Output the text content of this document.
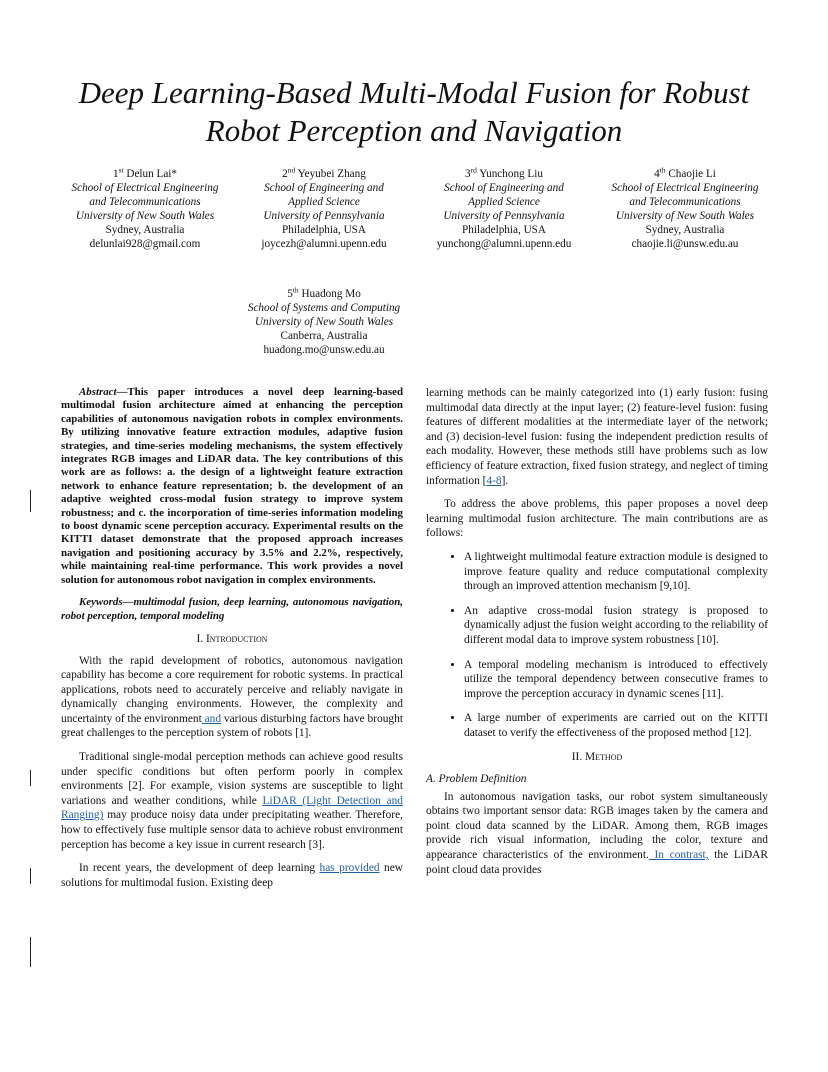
Deep Learning-Based Multi-Modal Fusion for Robust Robot Perception and Navigation
1st Delun Lai*
School of Electrical Engineering
and Telecommunications
University of New South Wales
Sydney, Australia
delunlai928@gmail.com
2nd Yeyubei Zhang
School of Engineering and
Applied Science
University of Pennsylvania
Philadelphia, USA
joycezh@alumni.upenn.edu
3rd Yunchong Liu
School of Engineering and
Applied Science
University of Pennsylvania
Philadelphia, USA
yunchong@alumni.upenn.edu
4th Chaojie Li
School of Electrical Engineering
and Telecommunications
University of New South Wales
Sydney, Australia
chaojie.li@unsw.edu.au
5th Huadong Mo
School of Systems and Computing
University of New South Wales
Canberra, Australia
huadong.mo@unsw.edu.au

Abstract—This paper introduces a novel deep learning-based multimodal fusion architecture aimed at enhancing the perception capabilities of autonomous navigation robots in complex environments. By utilizing innovative feature extraction modules, adaptive fusion strategies, and time-series modeling mechanisms, the system effectively integrates RGB images and LiDAR data. The key contributions of this work are as follows: a. the design of a lightweight feature extraction network to enhance feature representation; b. the development of an adaptive weighted cross-modal fusion strategy to improve system robustness; and c. the incorporation of time-series information modeling to boost dynamic scene perception accuracy. Experimental results on the KITTI dataset demonstrate that the proposed approach increases navigation and positioning accuracy by 3.5% and 2.2%, respectively, while maintaining real-time performance. This work provides a novel solution for autonomous robot navigation in complex environments.

Keywords—multimodal fusion, deep learning, autonomous navigation, robot perception, temporal modeling

I. Introduction

With the rapid development of robotics, autonomous navigation capability has become a core requirement for robotic systems. In practical applications, robots need to accurately perceive and reliably navigate in dynamically changing environments. However, the complexity and uncertainty of the environment and various disturbing factors have brought great challenges to the perception system of robots [1].

Traditional single-modal perception methods can achieve good results under specific conditions but often perform poorly in complex environments [2]. For example, vision systems are susceptible to light variations and weather conditions, while LiDAR (Light Detection and Ranging) may produce noisy data under precipitating weather. Therefore, how to effectively fuse multiple sensor data to achieve robust environment perception has become a key issue in current research [3].

In recent years, the development of deep learning has provided new solutions for multimodal fusion. Existing deep

learning methods can be mainly categorized into (1) early fusion: fusing multimodal data directly at the input layer; (2) feature-level fusion: fusing features of different modalities at the intermediate layer of the network; and (3) decision-level fusion: fusing the independent prediction results of each modality. However, these methods still have problems such as low efficiency of feature extraction, fixed fusion strategy, and neglect of timing information [4-8].

To address the above problems, this paper proposes a novel deep learning multimodal fusion architecture. The main contributions are as follows:

• A lightweight multimodal feature extraction module is designed to improve feature quality and reduce computational complexity through an improved attention mechanism [9,10].
• An adaptive cross-modal fusion strategy is proposed to dynamically adjust the fusion weight according to the reliability of different modal data to improve system robustness [10].
• A temporal modeling mechanism is introduced to effectively utilize the temporal dependency between consecutive frames to improve the perception accuracy in dynamic scenes [11].
• A large number of experiments are carried out on the KITTI dataset to verify the effectiveness of the proposed method [12].

II. Method

A. Problem Definition

In autonomous navigation tasks, our robot system simultaneously obtains two important sensor data: RGB images taken by the camera and point cloud data scanned by the LiDAR. Among them, RGB images provide rich visual information, including the color, texture and appearance characteristics of the environment. In contrast, the LiDAR point cloud data provides
